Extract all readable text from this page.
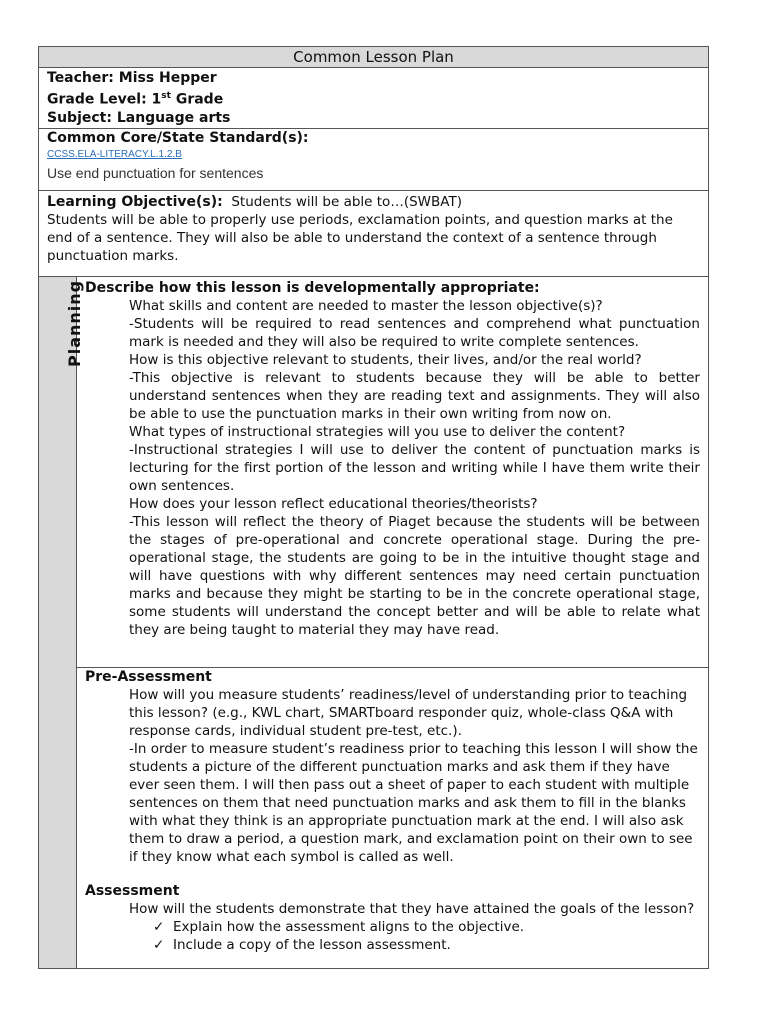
Common Lesson Plan

Teacher: Miss Hepper
Grade Level: 1st Grade
Subject: Language arts

Common Core/State Standard(s):
CCSS.ELA-LITERACY.L.1.2.B
Use end punctuation for sentences

Learning Objective(s): Students will be able to…(SWBAT)
Students will be able to properly use periods, exclamation points, and question marks at the end of a sentence. They will also be able to understand the context of a sentence through punctuation marks.

Planning	Describe how this lesson is developmentally appropriate:

What skills and content are needed to master the lesson objective(s)?

-Students will be required to read sentences and comprehend what punctuation mark is needed and they will also be required to write complete sentences.

How is this objective relevant to students, their lives, and/or the real world?

-This objective is relevant to students because they will be able to better understand sentences when they are reading text and assignments. They will also be able to use the punctuation marks in their own writing from now on.

What types of instructional strategies will you use to deliver the content?

-Instructional strategies I will use to deliver the content of punctuation marks is lecturing for the first portion of the lesson and writing while I have them write their own sentences.

How does your lesson reflect educational theories/theorists?

-This lesson will reflect the theory of Piaget because the students will be between the stages of pre-operational and concrete operational stage. During the pre-operational stage, the students are going to be in the intuitive thought stage and will have questions with why different sentences may need certain punctuation marks and because they might be starting to be in the concrete operational stage, some students will understand the concept better and will be able to relate what they are being taught to material they may have read.

Pre-Assessment

How will you measure students’ readiness/level of understanding prior to teaching this lesson? (e.g., KWL chart, SMARTboard responder quiz, whole-class Q&A with response cards, individual student pre-test, etc.).

-In order to measure student’s readiness prior to teaching this lesson I will show the students a picture of the different punctuation marks and ask them if they have ever seen them. I will then pass out a sheet of paper to each student with multiple sentences on them that need punctuation marks and ask them to fill in the blanks with what they think is an appropriate punctuation mark at the end. I will also ask them to draw a period, a question mark, and exclamation point on their own to see if they know what each symbol is called as well.

Assessment
How will the students demonstrate that they have attained the goals of the lesson?
✓ Explain how the assessment aligns to the objective.
✓ Include a copy of the lesson assessment.
